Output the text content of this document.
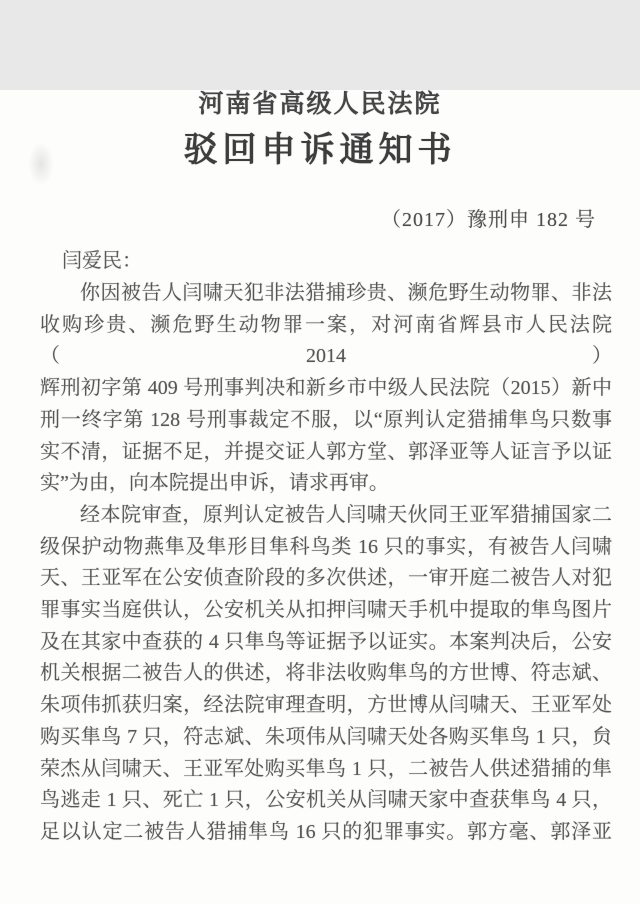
河南省高级人民法院
驳回申诉通知书
（2017）豫刑申 182 号
闫爱民：
你因被告人闫啸天犯非法猎捕珍贵、濒危野生动物罪、非法
收购珍贵、濒危野生动物罪一案，对河南省辉县市人民法院（2014）
辉刑初字第 409 号刑事判决和新乡市中级人民法院（2015）新中
刑一终字第 128 号刑事裁定不服，以“原判认定猎捕隼鸟只数事
实不清，证据不足，并提交证人郭方堂、郭泽亚等人证言予以证
实”为由，向本院提出申诉，请求再审。
经本院审查，原判认定被告人闫啸天伙同王亚军猎捕国家二
级保护动物燕隼及隼形目隼科鸟类 16 只的事实，有被告人闫啸
天、王亚军在公安侦查阶段的多次供述，一审开庭二被告人对犯
罪事实当庭供认，公安机关从扣押闫啸天手机中提取的隼鸟图片
及在其家中查获的 4 只隼鸟等证据予以证实。本案判决后，公安
机关根据二被告人的供述，将非法收购隼鸟的方世博、符志斌、
朱项伟抓获归案，经法院审理查明，方世博从闫啸天、王亚军处
购买隼鸟 7 只，符志斌、朱项伟从闫啸天处各购买隼鸟 1 只，贠
荣杰从闫啸天、王亚军处购买隼鸟 1 只，二被告人供述猎捕的隼
鸟逃走 1 只、死亡 1 只，公安机关从闫啸天家中查获隼鸟 4 只，
足以认定二被告人猎捕隼鸟 16 只的犯罪事实。郭方毫、郭泽亚
